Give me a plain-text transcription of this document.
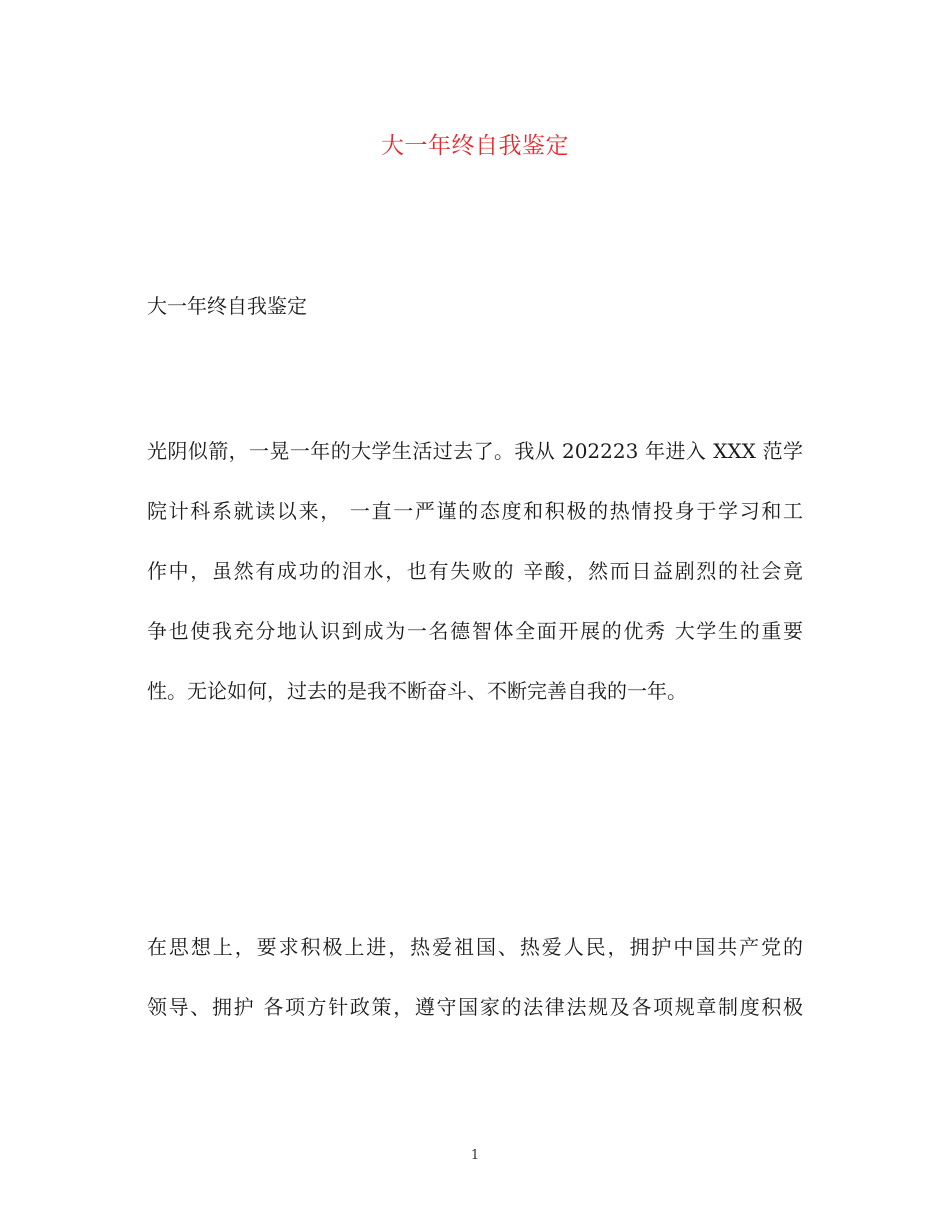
大一年终自我鉴定
大一年终自我鉴定
光阴似箭，一晃一年的大学生活过去了。我从 202223 年进入 XXX 范学
院计科系就读以来， 一直一严谨的态度和积极的热情投身于学习和工
作中，虽然有成功的泪水，也有失败的 辛酸，然而日益剧烈的社会竟
争也使我充分地认识到成为一名德智体全面开展的优秀 大学生的重要
性。无论如何，过去的是我不断奋斗、不断完善自我的一年。
在思想上，要求积极上进，热爱祖国、热爱人民，拥护中国共产党的
领导、拥护 各项方针政策，遵守国家的法律法规及各项规章制度积极
1
